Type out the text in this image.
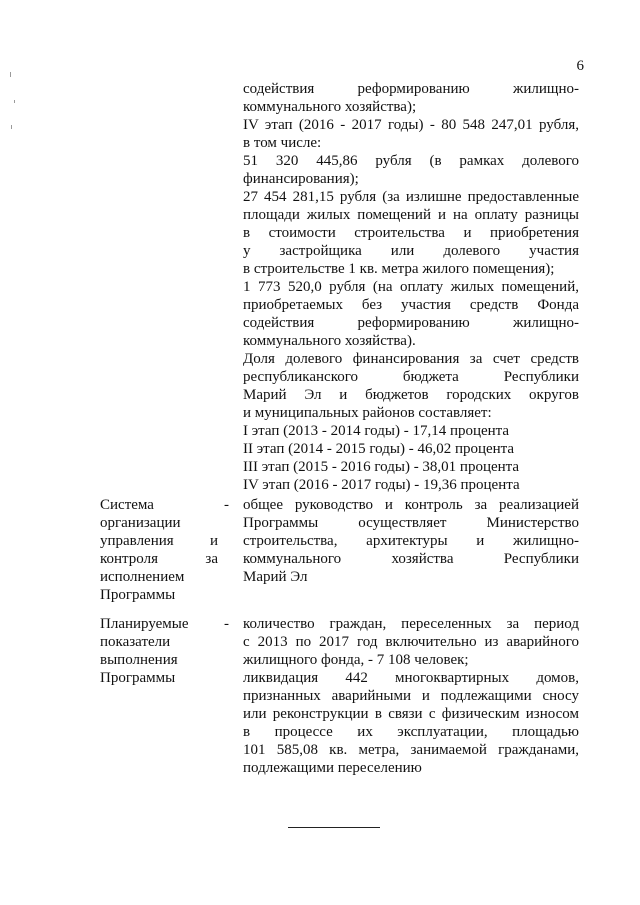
6
содействия реформированию жилищно-
коммунального хозяйства);
IV этап (2016 - 2017 годы) - 80 548 247,01 рубля,
в том числе:
51 320 445,86 рубля (в рамках долевого
финансирования);
27 454 281,15 рубля (за излишне предоставленные
площади жилых помещений и на оплату разницы
в стоимости строительства и приобретения
у застройщика или долевого участия
в строительстве 1 кв. метра жилого помещения);
1 773 520,0 рубля (на оплату жилых помещений,
приобретаемых без участия средств Фонда
содействия реформированию жилищно-
коммунального хозяйства).
Доля долевого финансирования за счет средств
республиканского бюджета Республики
Марий Эл и бюджетов городских округов
и муниципальных районов составляет:
I этап (2013 - 2014 годы) - 17,14 процента
II этап (2014 - 2015 годы) - 46,02 процента
III этап (2015 - 2016 годы) - 38,01 процента
IV этап (2016 - 2017 годы) - 19,36 процента
Система
организации
управления и
контроля за
исполнением
Программы
- общее руководство и контроль за реализацией
Программы осуществляет Министерство
строительства, архитектуры и жилищно-
коммунального хозяйства Республики
Марий Эл
Планируемые
показатели
выполнения
Программы
- количество граждан, переселенных за период
с 2013 по 2017 год включительно из аварийного
жилищного фонда, - 7 108 человек;
ликвидация 442 многоквартирных домов,
признанных аварийными и подлежащими сносу
или реконструкции в связи с физическим износом
в процессе их эксплуатации, площадью
101 585,08 кв. метра, занимаемой гражданами,
подлежащими переселению
